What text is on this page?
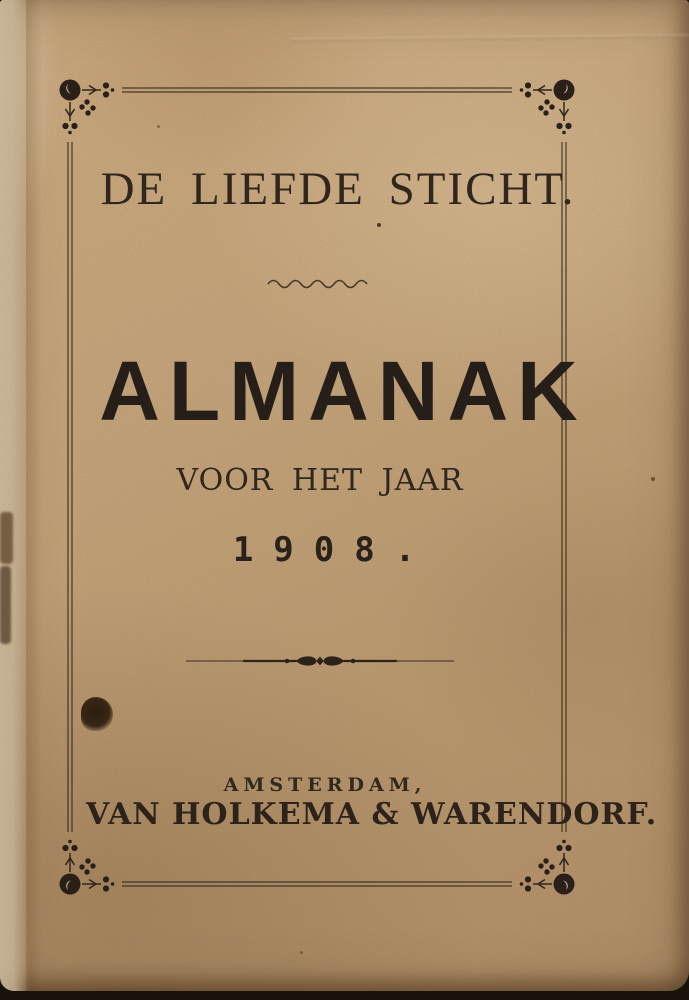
DE LIEFDE STICHT.
ALMANAK
VOOR HET JAAR
1908.
AMSTERDAM,
VAN HOLKEMA & WARENDORF.
